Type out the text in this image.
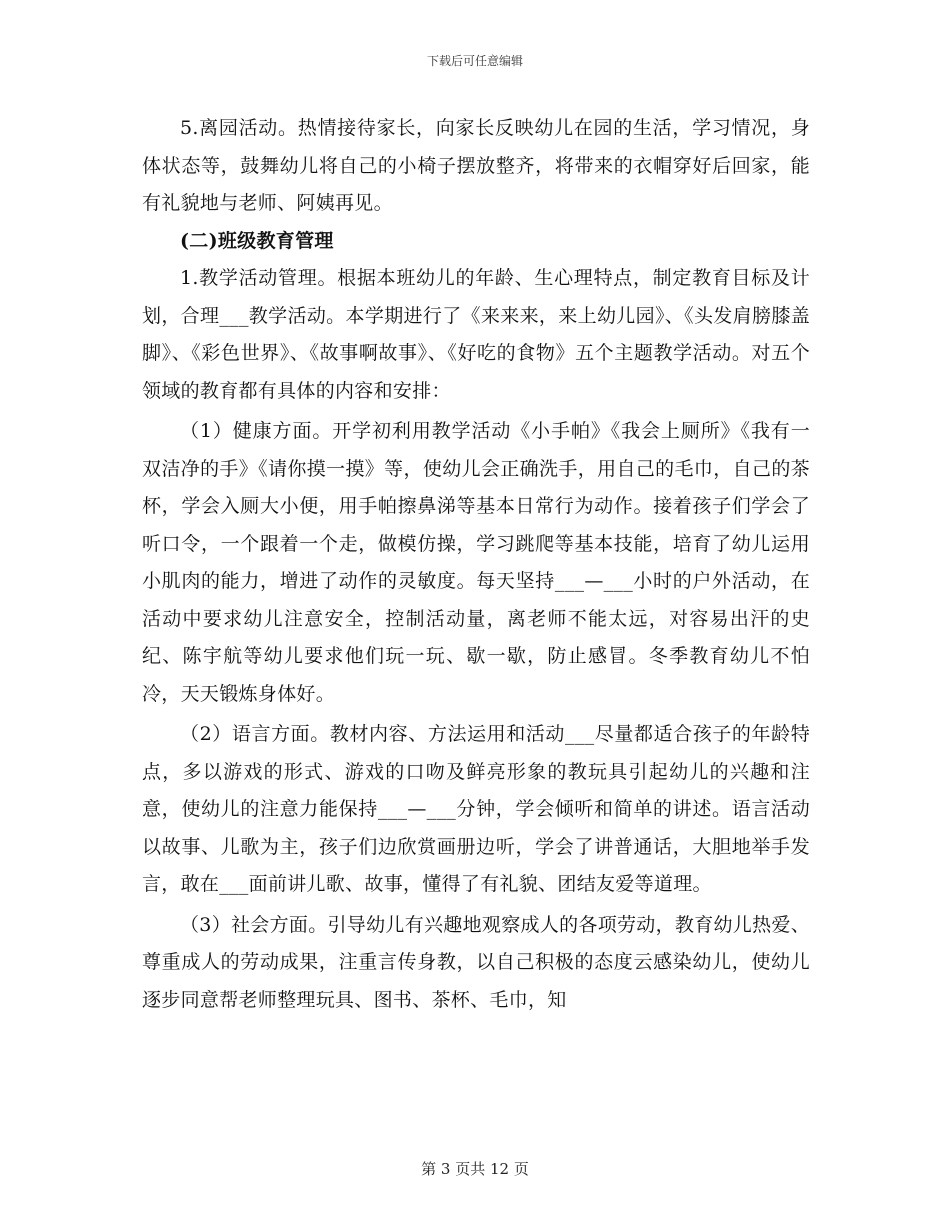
下载后可任意编辑

5.离园活动。热情接待家长，向家长反映幼儿在园的生活，学习情况，身体状态等，鼓舞幼儿将自己的小椅子摆放整齐，将带来的衣帽穿好后回家，能有礼貌地与老师、阿姨再见。

(二)班级教育管理

1.教学活动管理。根据本班幼儿的年龄、生心理特点，制定教育目标及计划，合理___教学活动。本学期进行了《来来来，来上幼儿园》、《头发肩膀膝盖脚》、《彩色世界》、《故事啊故事》、《好吃的食物》五个主题教学活动。对五个领域的教育都有具体的内容和安排：

（1）健康方面。开学初利用教学活动《小手帕》《我会上厕所》《我有一双洁净的手》《请你摸一摸》等，使幼儿会正确洗手，用自己的毛巾，自己的茶杯，学会入厕大小便，用手帕擦鼻涕等基本日常行为动作。接着孩子们学会了听口令，一个跟着一个走，做模仿操，学习跳爬等基本技能，培育了幼儿运用小肌肉的能力，增进了动作的灵敏度。每天坚持___—___小时的户外活动，在活动中要求幼儿注意安全，控制活动量，离老师不能太远，对容易出汗的史纪、陈宇航等幼儿要求他们玩一玩、歇一歇，防止感冒。冬季教育幼儿不怕冷，天天锻炼身体好。

（2）语言方面。教材内容、方法运用和活动___尽量都适合孩子的年龄特点，多以游戏的形式、游戏的口吻及鲜亮形象的教玩具引起幼儿的兴趣和注意，使幼儿的注意力能保持___—___分钟，学会倾听和简单的讲述。语言活动以故事、儿歌为主，孩子们边欣赏画册边听，学会了讲普通话，大胆地举手发言，敢在___面前讲儿歌、故事，懂得了有礼貌、团结友爱等道理。

（3）社会方面。引导幼儿有兴趣地观察成人的各项劳动，教育幼儿热爱、尊重成人的劳动成果，注重言传身教，以自己积极的态度云感染幼儿，使幼儿逐步同意帮老师整理玩具、图书、茶杯、毛巾，知

第 3 页共 12 页
